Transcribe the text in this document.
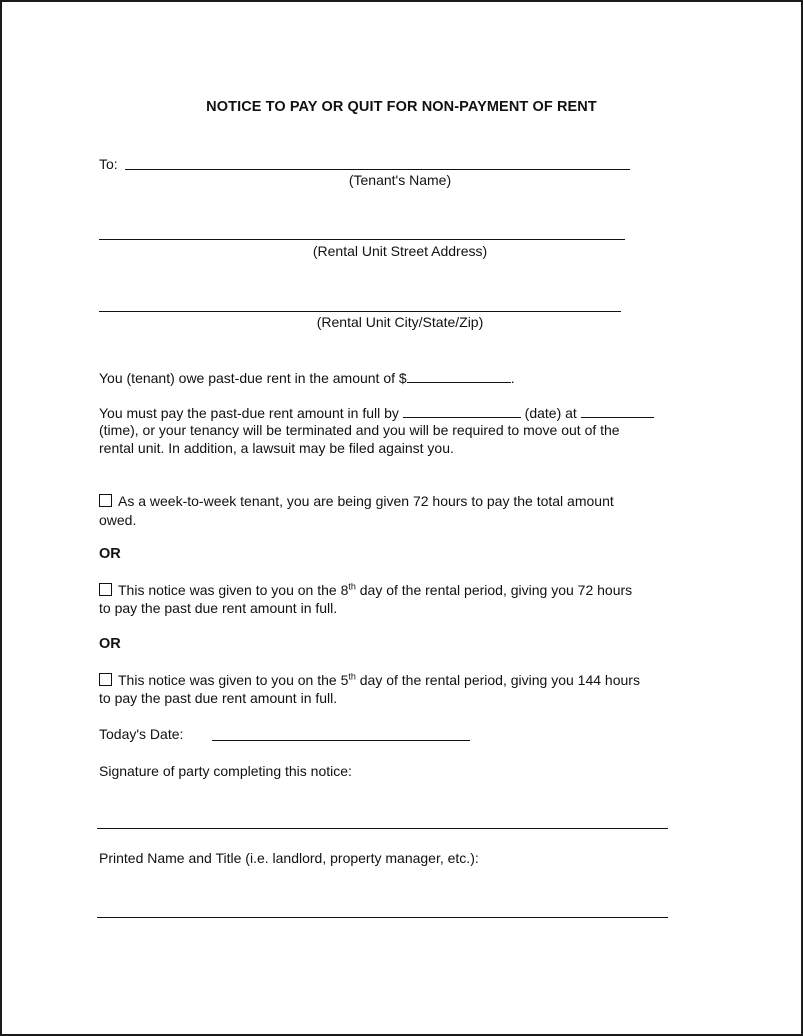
NOTICE TO PAY OR QUIT FOR NON-PAYMENT OF RENT
To:
(Tenant's Name)
(Rental Unit Street Address)
(Rental Unit City/State/Zip)
You (tenant) owe past-due rent in the amount of $	.
You must pay the past-due rent amount in full by	(date) at
(time), or your tenancy will be terminated and you will be required to move out of the
rental unit. In addition, a lawsuit may be filed against you.
As a week-to-week tenant, you are being given 72 hours to pay the total amount
owed.
OR
This notice was given to you on the 8th day of the rental period, giving you 72 hours
to pay the past due rent amount in full.
OR
This notice was given to you on the 5th day of the rental period, giving you 144 hours
to pay the past due rent amount in full.
Today's Date:
Signature of party completing this notice:
Printed Name and Title (i.e. landlord, property manager, etc.):
